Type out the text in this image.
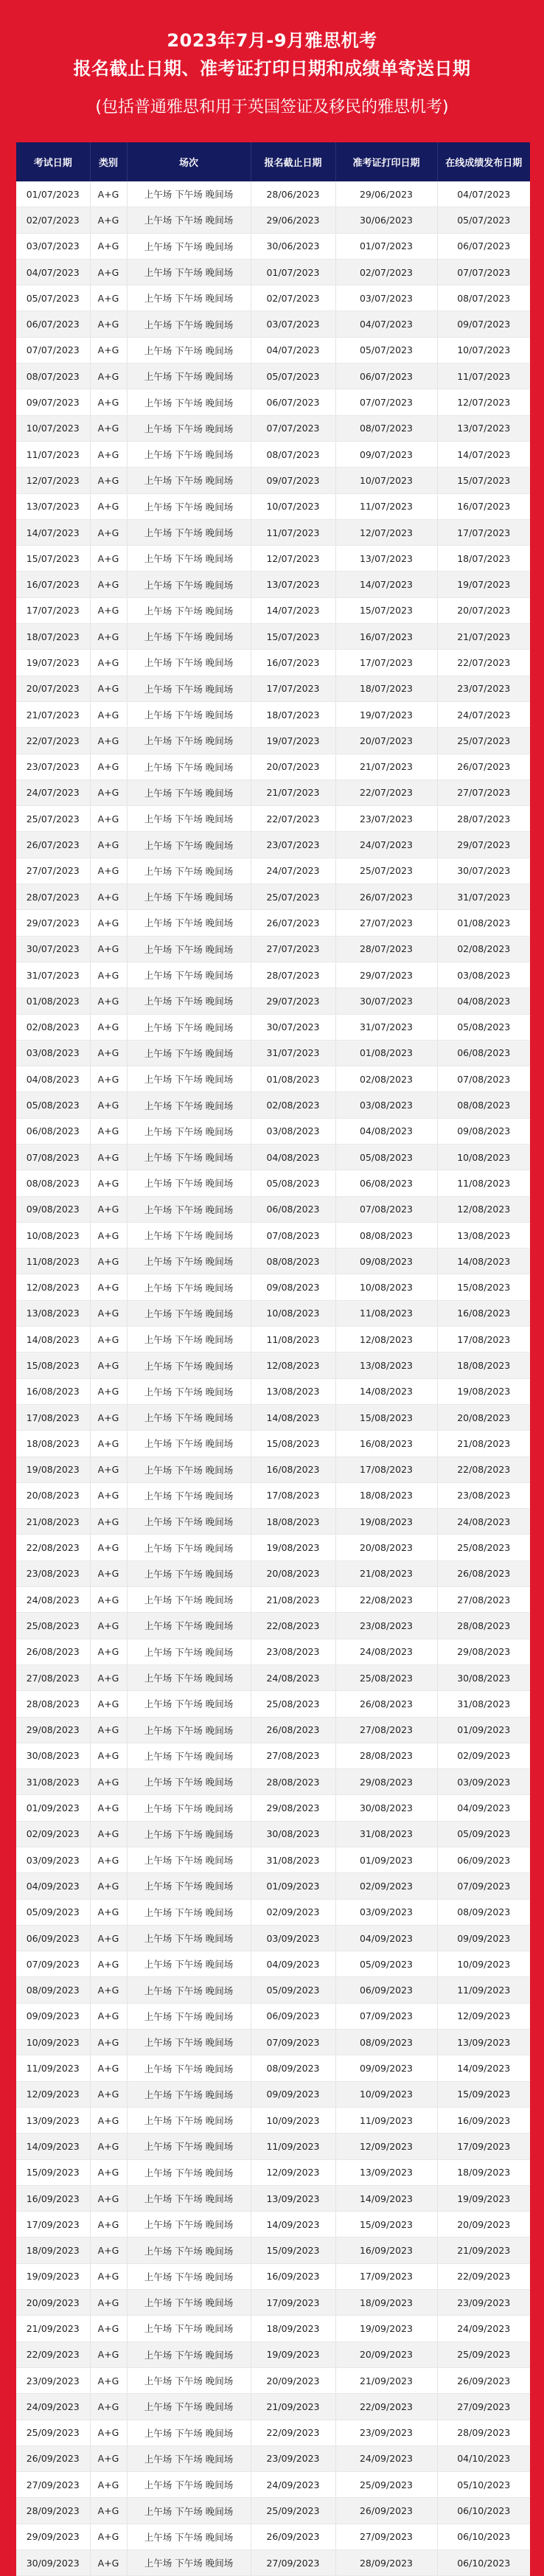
2023年7月-9月雅思机考
报名截止日期、准考证打印日期和成绩单寄送日期
(包括普通雅思和用于英国签证及移民的雅思机考)
考试日期	类别	场次	报名截止日期	准考证打印日期	在线成绩发布日期
01/07/2023	A+G	上午场 下午场 晚间场	28/06/2023	29/06/2023	04/07/2023
02/07/2023	A+G	上午场 下午场 晚间场	29/06/2023	30/06/2023	05/07/2023
03/07/2023	A+G	上午场 下午场 晚间场	30/06/2023	01/07/2023	06/07/2023
04/07/2023	A+G	上午场 下午场 晚间场	01/07/2023	02/07/2023	07/07/2023
05/07/2023	A+G	上午场 下午场 晚间场	02/07/2023	03/07/2023	08/07/2023
06/07/2023	A+G	上午场 下午场 晚间场	03/07/2023	04/07/2023	09/07/2023
07/07/2023	A+G	上午场 下午场 晚间场	04/07/2023	05/07/2023	10/07/2023
08/07/2023	A+G	上午场 下午场 晚间场	05/07/2023	06/07/2023	11/07/2023
09/07/2023	A+G	上午场 下午场 晚间场	06/07/2023	07/07/2023	12/07/2023
10/07/2023	A+G	上午场 下午场 晚间场	07/07/2023	08/07/2023	13/07/2023
11/07/2023	A+G	上午场 下午场 晚间场	08/07/2023	09/07/2023	14/07/2023
12/07/2023	A+G	上午场 下午场 晚间场	09/07/2023	10/07/2023	15/07/2023
13/07/2023	A+G	上午场 下午场 晚间场	10/07/2023	11/07/2023	16/07/2023
14/07/2023	A+G	上午场 下午场 晚间场	11/07/2023	12/07/2023	17/07/2023
15/07/2023	A+G	上午场 下午场 晚间场	12/07/2023	13/07/2023	18/07/2023
16/07/2023	A+G	上午场 下午场 晚间场	13/07/2023	14/07/2023	19/07/2023
17/07/2023	A+G	上午场 下午场 晚间场	14/07/2023	15/07/2023	20/07/2023
18/07/2023	A+G	上午场 下午场 晚间场	15/07/2023	16/07/2023	21/07/2023
19/07/2023	A+G	上午场 下午场 晚间场	16/07/2023	17/07/2023	22/07/2023
20/07/2023	A+G	上午场 下午场 晚间场	17/07/2023	18/07/2023	23/07/2023
21/07/2023	A+G	上午场 下午场 晚间场	18/07/2023	19/07/2023	24/07/2023
22/07/2023	A+G	上午场 下午场 晚间场	19/07/2023	20/07/2023	25/07/2023
23/07/2023	A+G	上午场 下午场 晚间场	20/07/2023	21/07/2023	26/07/2023
24/07/2023	A+G	上午场 下午场 晚间场	21/07/2023	22/07/2023	27/07/2023
25/07/2023	A+G	上午场 下午场 晚间场	22/07/2023	23/07/2023	28/07/2023
26/07/2023	A+G	上午场 下午场 晚间场	23/07/2023	24/07/2023	29/07/2023
27/07/2023	A+G	上午场 下午场 晚间场	24/07/2023	25/07/2023	30/07/2023
28/07/2023	A+G	上午场 下午场 晚间场	25/07/2023	26/07/2023	31/07/2023
29/07/2023	A+G	上午场 下午场 晚间场	26/07/2023	27/07/2023	01/08/2023
30/07/2023	A+G	上午场 下午场 晚间场	27/07/2023	28/07/2023	02/08/2023
31/07/2023	A+G	上午场 下午场 晚间场	28/07/2023	29/07/2023	03/08/2023
01/08/2023	A+G	上午场 下午场 晚间场	29/07/2023	30/07/2023	04/08/2023
02/08/2023	A+G	上午场 下午场 晚间场	30/07/2023	31/07/2023	05/08/2023
03/08/2023	A+G	上午场 下午场 晚间场	31/07/2023	01/08/2023	06/08/2023
04/08/2023	A+G	上午场 下午场 晚间场	01/08/2023	02/08/2023	07/08/2023
05/08/2023	A+G	上午场 下午场 晚间场	02/08/2023	03/08/2023	08/08/2023
06/08/2023	A+G	上午场 下午场 晚间场	03/08/2023	04/08/2023	09/08/2023
07/08/2023	A+G	上午场 下午场 晚间场	04/08/2023	05/08/2023	10/08/2023
08/08/2023	A+G	上午场 下午场 晚间场	05/08/2023	06/08/2023	11/08/2023
09/08/2023	A+G	上午场 下午场 晚间场	06/08/2023	07/08/2023	12/08/2023
10/08/2023	A+G	上午场 下午场 晚间场	07/08/2023	08/08/2023	13/08/2023
11/08/2023	A+G	上午场 下午场 晚间场	08/08/2023	09/08/2023	14/08/2023
12/08/2023	A+G	上午场 下午场 晚间场	09/08/2023	10/08/2023	15/08/2023
13/08/2023	A+G	上午场 下午场 晚间场	10/08/2023	11/08/2023	16/08/2023
14/08/2023	A+G	上午场 下午场 晚间场	11/08/2023	12/08/2023	17/08/2023
15/08/2023	A+G	上午场 下午场 晚间场	12/08/2023	13/08/2023	18/08/2023
16/08/2023	A+G	上午场 下午场 晚间场	13/08/2023	14/08/2023	19/08/2023
17/08/2023	A+G	上午场 下午场 晚间场	14/08/2023	15/08/2023	20/08/2023
18/08/2023	A+G	上午场 下午场 晚间场	15/08/2023	16/08/2023	21/08/2023
19/08/2023	A+G	上午场 下午场 晚间场	16/08/2023	17/08/2023	22/08/2023
20/08/2023	A+G	上午场 下午场 晚间场	17/08/2023	18/08/2023	23/08/2023
21/08/2023	A+G	上午场 下午场 晚间场	18/08/2023	19/08/2023	24/08/2023
22/08/2023	A+G	上午场 下午场 晚间场	19/08/2023	20/08/2023	25/08/2023
23/08/2023	A+G	上午场 下午场 晚间场	20/08/2023	21/08/2023	26/08/2023
24/08/2023	A+G	上午场 下午场 晚间场	21/08/2023	22/08/2023	27/08/2023
25/08/2023	A+G	上午场 下午场 晚间场	22/08/2023	23/08/2023	28/08/2023
26/08/2023	A+G	上午场 下午场 晚间场	23/08/2023	24/08/2023	29/08/2023
27/08/2023	A+G	上午场 下午场 晚间场	24/08/2023	25/08/2023	30/08/2023
28/08/2023	A+G	上午场 下午场 晚间场	25/08/2023	26/08/2023	31/08/2023
29/08/2023	A+G	上午场 下午场 晚间场	26/08/2023	27/08/2023	01/09/2023
30/08/2023	A+G	上午场 下午场 晚间场	27/08/2023	28/08/2023	02/09/2023
31/08/2023	A+G	上午场 下午场 晚间场	28/08/2023	29/08/2023	03/09/2023
01/09/2023	A+G	上午场 下午场 晚间场	29/08/2023	30/08/2023	04/09/2023
02/09/2023	A+G	上午场 下午场 晚间场	30/08/2023	31/08/2023	05/09/2023
03/09/2023	A+G	上午场 下午场 晚间场	31/08/2023	01/09/2023	06/09/2023
04/09/2023	A+G	上午场 下午场 晚间场	01/09/2023	02/09/2023	07/09/2023
05/09/2023	A+G	上午场 下午场 晚间场	02/09/2023	03/09/2023	08/09/2023
06/09/2023	A+G	上午场 下午场 晚间场	03/09/2023	04/09/2023	09/09/2023
07/09/2023	A+G	上午场 下午场 晚间场	04/09/2023	05/09/2023	10/09/2023
08/09/2023	A+G	上午场 下午场 晚间场	05/09/2023	06/09/2023	11/09/2023
09/09/2023	A+G	上午场 下午场 晚间场	06/09/2023	07/09/2023	12/09/2023
10/09/2023	A+G	上午场 下午场 晚间场	07/09/2023	08/09/2023	13/09/2023
11/09/2023	A+G	上午场 下午场 晚间场	08/09/2023	09/09/2023	14/09/2023
12/09/2023	A+G	上午场 下午场 晚间场	09/09/2023	10/09/2023	15/09/2023
13/09/2023	A+G	上午场 下午场 晚间场	10/09/2023	11/09/2023	16/09/2023
14/09/2023	A+G	上午场 下午场 晚间场	11/09/2023	12/09/2023	17/09/2023
15/09/2023	A+G	上午场 下午场 晚间场	12/09/2023	13/09/2023	18/09/2023
16/09/2023	A+G	上午场 下午场 晚间场	13/09/2023	14/09/2023	19/09/2023
17/09/2023	A+G	上午场 下午场 晚间场	14/09/2023	15/09/2023	20/09/2023
18/09/2023	A+G	上午场 下午场 晚间场	15/09/2023	16/09/2023	21/09/2023
19/09/2023	A+G	上午场 下午场 晚间场	16/09/2023	17/09/2023	22/09/2023
20/09/2023	A+G	上午场 下午场 晚间场	17/09/2023	18/09/2023	23/09/2023
21/09/2023	A+G	上午场 下午场 晚间场	18/09/2023	19/09/2023	24/09/2023
22/09/2023	A+G	上午场 下午场 晚间场	19/09/2023	20/09/2023	25/09/2023
23/09/2023	A+G	上午场 下午场 晚间场	20/09/2023	21/09/2023	26/09/2023
24/09/2023	A+G	上午场 下午场 晚间场	21/09/2023	22/09/2023	27/09/2023
25/09/2023	A+G	上午场 下午场 晚间场	22/09/2023	23/09/2023	28/09/2023
26/09/2023	A+G	上午场 下午场 晚间场	23/09/2023	24/09/2023	04/10/2023
27/09/2023	A+G	上午场 下午场 晚间场	24/09/2023	25/09/2023	05/10/2023
28/09/2023	A+G	上午场 下午场 晚间场	25/09/2023	26/09/2023	06/10/2023
29/09/2023	A+G	上午场 下午场 晚间场	26/09/2023	27/09/2023	06/10/2023
30/09/2023	A+G	上午场 下午场 晚间场	27/09/2023	28/09/2023	06/10/2023
